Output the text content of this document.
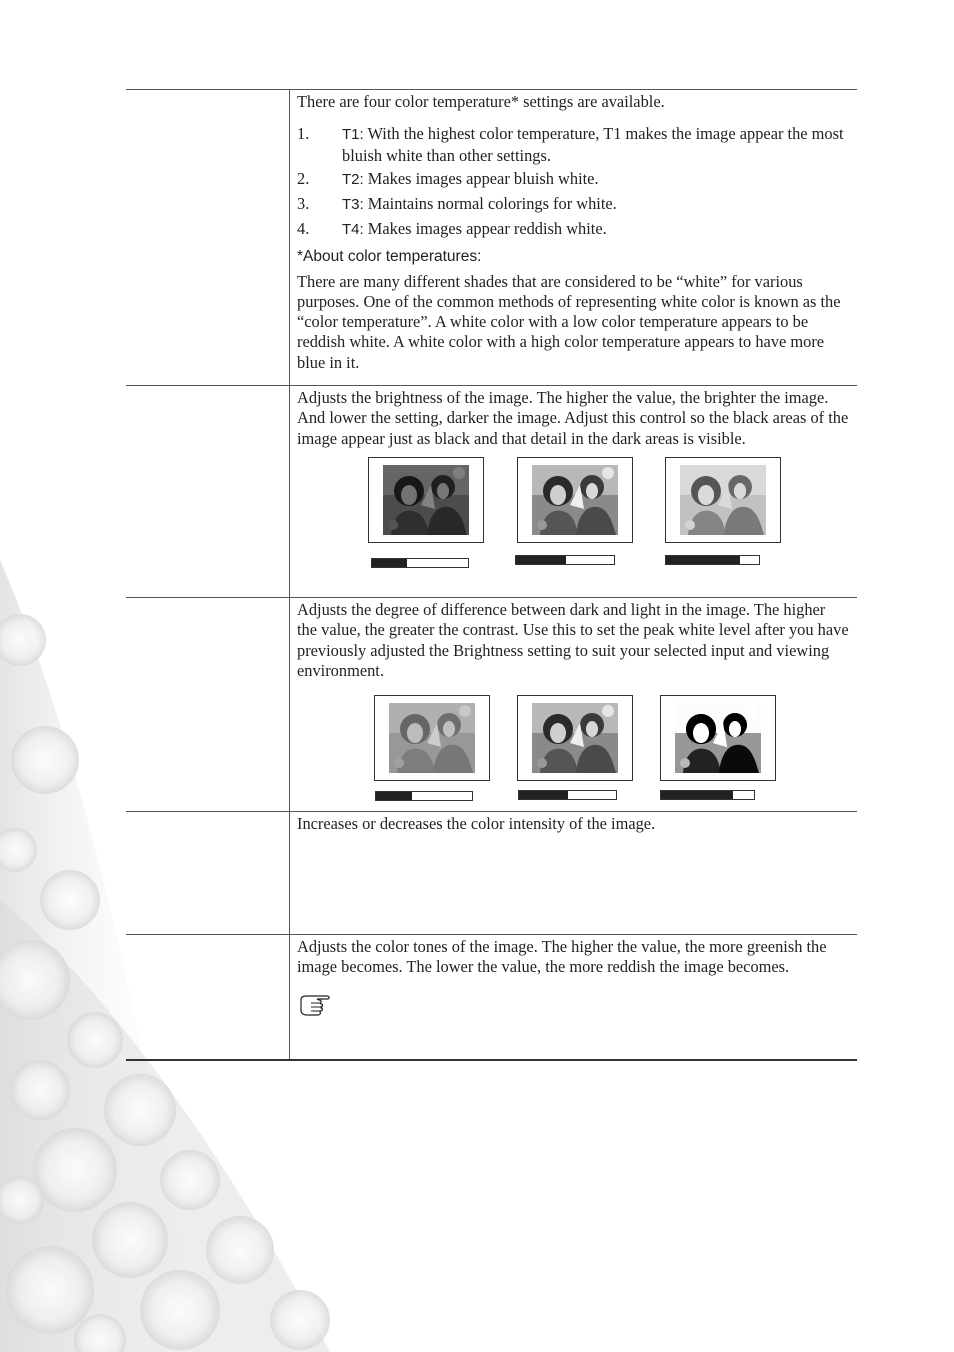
There are four color temperature* settings are available.

1.	T1: With the highest color temperature, T1 makes the image appear the most bluish white than other settings.
2.	T2: Makes images appear bluish white.
3.	T3: Maintains normal colorings for white.
4.	T4: Makes images appear reddish white.

*About color temperatures:

There are many different shades that are considered to be “white” for various purposes. One of the common methods of representing white color is known as the “color temperature”. A white color with a low color temperature appears to be reddish white. A white color with a high color temperature appears to have more blue in it.

Adjusts the brightness of the image. The higher the value, the brighter the image. And lower the setting, darker the image. Adjust this control so the black areas of the image appear just as black and that detail in the dark areas is visible.

Adjusts the degree of difference between dark and light in the image. The higher the value, the greater the contrast. Use this to set the peak white level after you have previously adjusted the Brightness setting to suit your selected input and viewing environment.

Increases or decreases the color intensity of the image.

Adjusts the color tones of the image. The higher the value, the more greenish the image becomes. The lower the value, the more reddish the image becomes.
